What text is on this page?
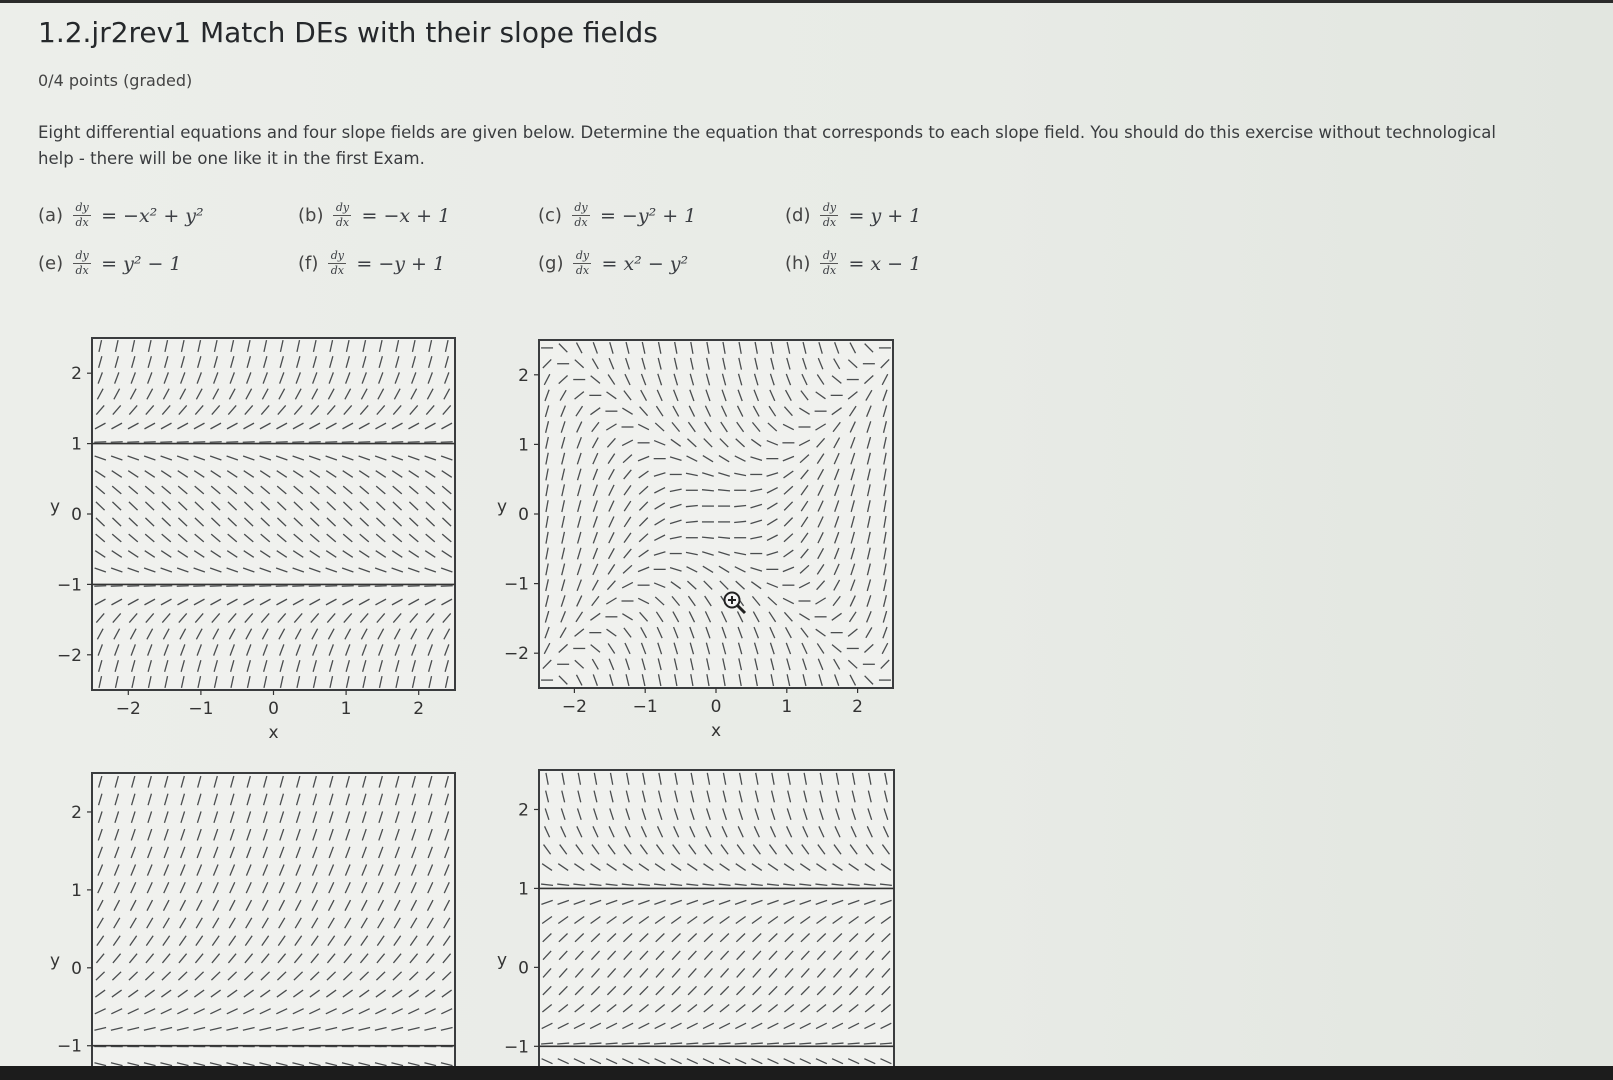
1.2.jr2rev1 Match DEs with their slope fields
0/4 points (graded)
Eight differential equations and four slope fields are given below. Determine the equation that corresponds to each slope field. You should do this exercise without technological help - there will be one like it in the first Exam.
$(a) \frac{dy}{dx} = -x^2 + y^2$	$(b) \frac{dy}{dx} = -x + 1$	$(c) \frac{dy}{dx} = -y^2 + 1$	$(d) \frac{dy}{dx} = y + 1$
$(e) \frac{dy}{dx} = y^2 - 1$	$(f) \frac{dy}{dx} = -y + 1$	$(g) \frac{dy}{dx} = x^2 - y^2$	$(h) \frac{dy}{dx} = x - 1$
2
1
0
−1
−2
y
−2	−1	0	1	2
x
2
1
0
−1
−2
y
−2	−1	0	1	2
x
2
1
0
−1
y
2
1
0
−1
y
